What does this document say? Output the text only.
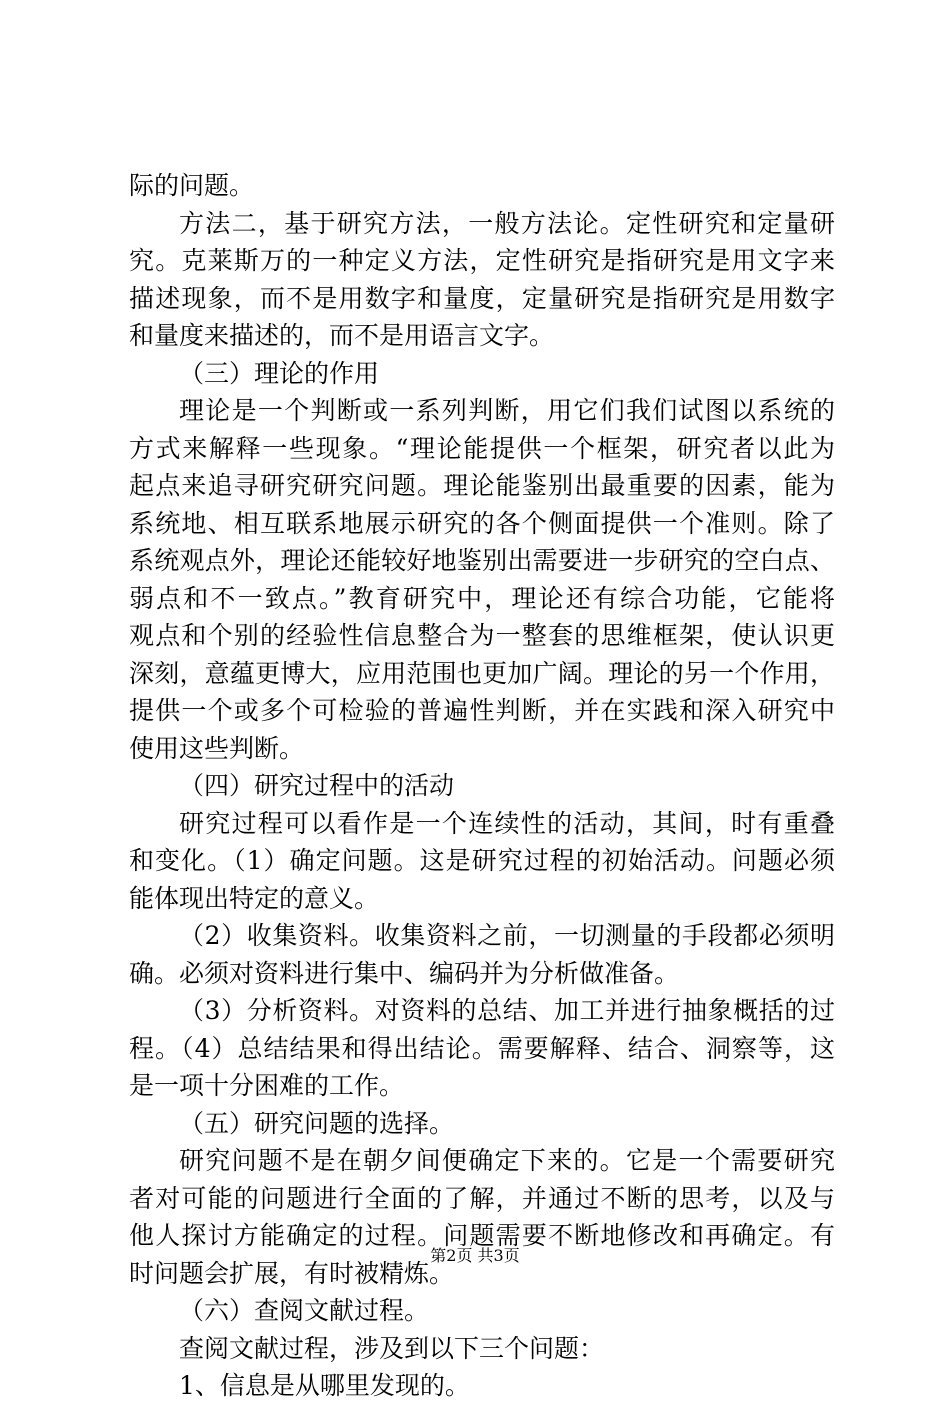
际的问题。
方法二，基于研究方法，一般方法论。定性研究和定量研
究。克莱斯万的一种定义方法，定性研究是指研究是用文字来
描述现象，而不是用数字和量度，定量研究是指研究是用数字
和量度来描述的，而不是用语言文字。
（三）理论的作用
理论是一个判断或一系列判断，用它们我们试图以系统的
方式来解释一些现象。“理论能提供一个框架，研究者以此为
起点来追寻研究研究问题。理论能鉴别出最重要的因素，能为
系统地、相互联系地展示研究的各个侧面提供一个准则。除了
系统观点外，理论还能较好地鉴别出需要进一步研究的空白点、
弱点和不一致点。”教育研究中，理论还有综合功能，它能将
观点和个别的经验性信息整合为一整套的思维框架，使认识更
深刻，意蕴更博大，应用范围也更加广阔。理论的另一个作用，
提供一个或多个可检验的普遍性判断，并在实践和深入研究中
使用这些判断。
（四）研究过程中的活动
研究过程可以看作是一个连续性的活动，其间，时有重叠
和变化。（1）确定问题。这是研究过程的初始活动。问题必须
能体现出特定的意义。
（2）收集资料。收集资料之前，一切测量的手段都必须明
确。必须对资料进行集中、编码并为分析做准备。
（3）分析资料。对资料的总结、加工并进行抽象概括的过
程。（4）总结结果和得出结论。需要解释、结合、洞察等，这
是一项十分困难的工作。
（五）研究问题的选择。
研究问题不是在朝夕间便确定下来的。它是一个需要研究
者对可能的问题进行全面的了解，并通过不断的思考，以及与
他人探讨方能确定的过程。问题需要不断地修改和再确定。有
时问题会扩展，有时被精炼。
（六）查阅文献过程。
查阅文献过程，涉及到以下三个问题：
1、信息是从哪里发现的。
第2页 共3页
